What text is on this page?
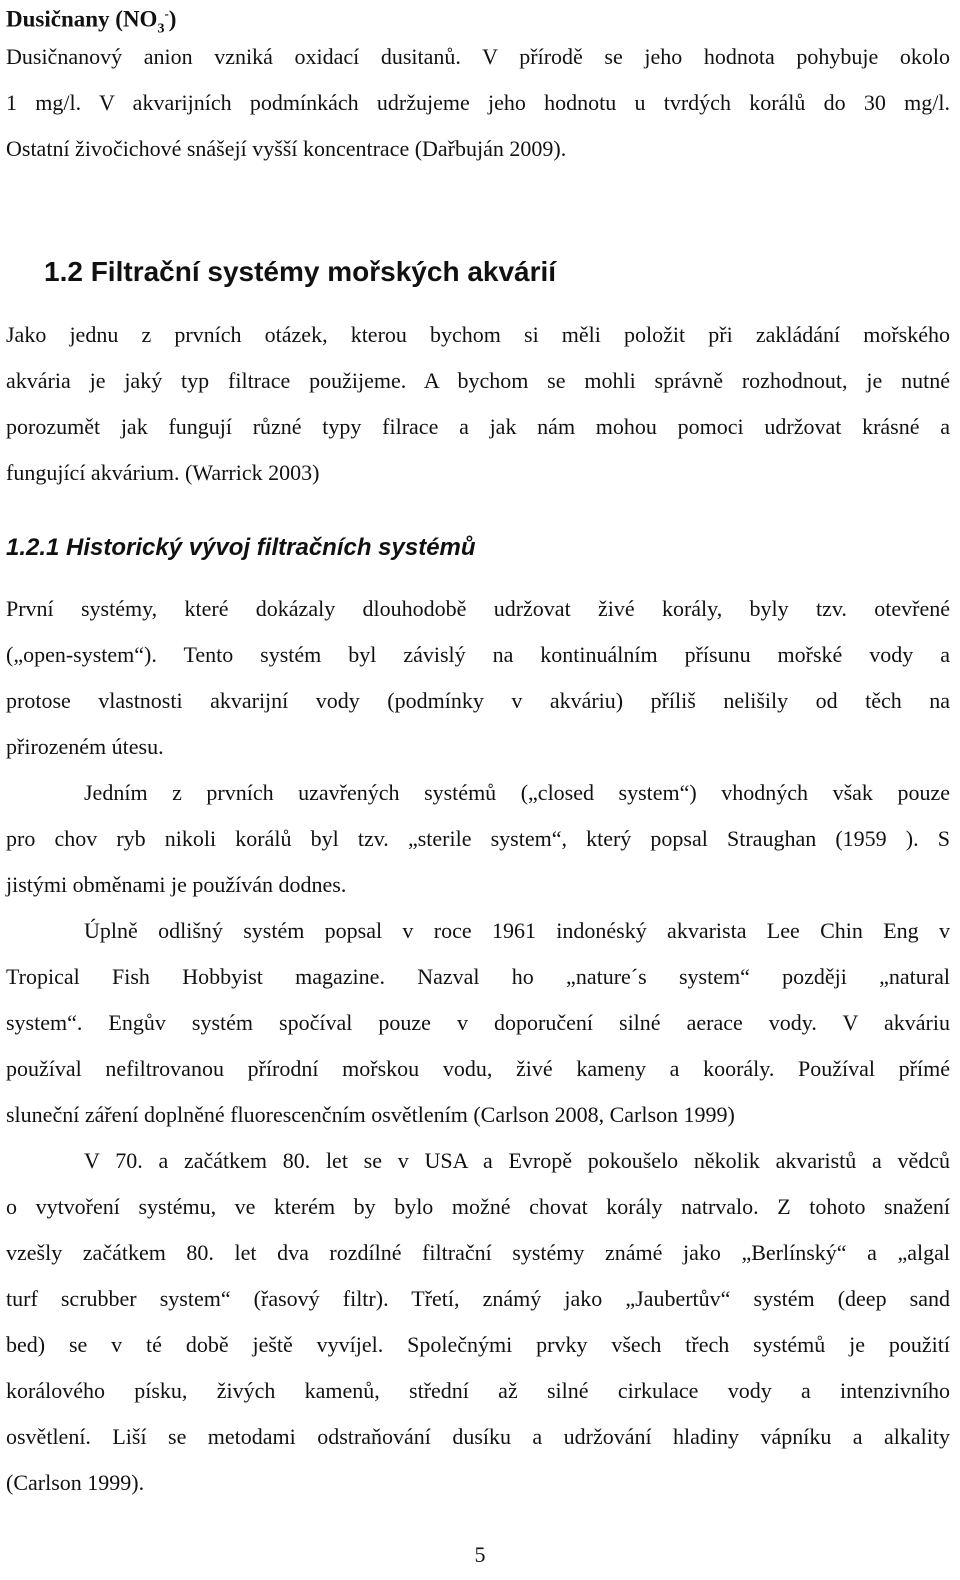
Dusičnany $(NO_3^-)$
Dusičnanový anion vzniká oxidací dusitanů. V přírodě se jeho hodnota pohybuje okolo
1 mg/l. V akvarijních podmínkách udržujeme jeho hodnotu u tvrdých korálů do 30 mg/l.
Ostatní živočichové snášejí vyšší koncentrace (Dařbuján 2009).
1.2 Filtrační systémy mořských akvárií
Jako jednu z prvních otázek, kterou bychom si měli položit při zakládání mořského
akvária je jaký typ filtrace použijeme. A bychom se mohli správně rozhodnout, je nutné
porozumět jak fungují různé typy filrace a jak nám mohou pomoci udržovat krásné a
fungující akvárium. (Warrick 2003)
1.2.1 Historický vývoj filtračních systémů
První systémy, které dokázaly dlouhodobě udržovat živé korály, byly tzv. otevřené
(„open-system“). Tento systém byl závislý na kontinuálním přísunu mořské vody a
protose vlastnosti akvarijní vody (podmínky v akváriu) příliš nelišily od těch na
přirozeném útesu.
Jedním z prvních uzavřených systémů („closed system“) vhodných však pouze
pro chov ryb nikoli korálů byl tzv. „sterile system“, který popsal Straughan (1959 ). S
jistými obměnami je používán dodnes.
Úplně odlišný systém popsal v roce 1961 indonéský akvarista Lee Chin Eng v
Tropical Fish Hobbyist magazine. Nazval ho „nature´s system“ později „natural
system“. Engův systém spočíval pouze v doporučení silné aerace vody. V akváriu
používal nefiltrovanou přírodní mořskou vodu, živé kameny a koorály. Používal přímé
sluneční záření doplněné fluorescenčním osvětlením (Carlson 2008, Carlson 1999)
V 70. a začátkem 80. let se v USA a Evropě pokoušelo několik akvaristů a vědců
o vytvoření systému, ve kterém by bylo možné chovat korály natrvalo. Z tohoto snažení
vzešly začátkem 80. let dva rozdílné filtrační systémy známé jako „Berlínský“ a „algal
turf scrubber system“ (řasový filtr). Třetí, známý jako „Jaubertův“ systém (deep sand
bed) se v té době ještě vyvíjel. Společnými prvky všech třech systémů je použití
korálového písku, živých kamenů, střední až silné cirkulace vody a intenzivního
osvětlení. Liší se metodami odstraňování dusíku a udržování hladiny vápníku a alkality
(Carlson 1999).
5
